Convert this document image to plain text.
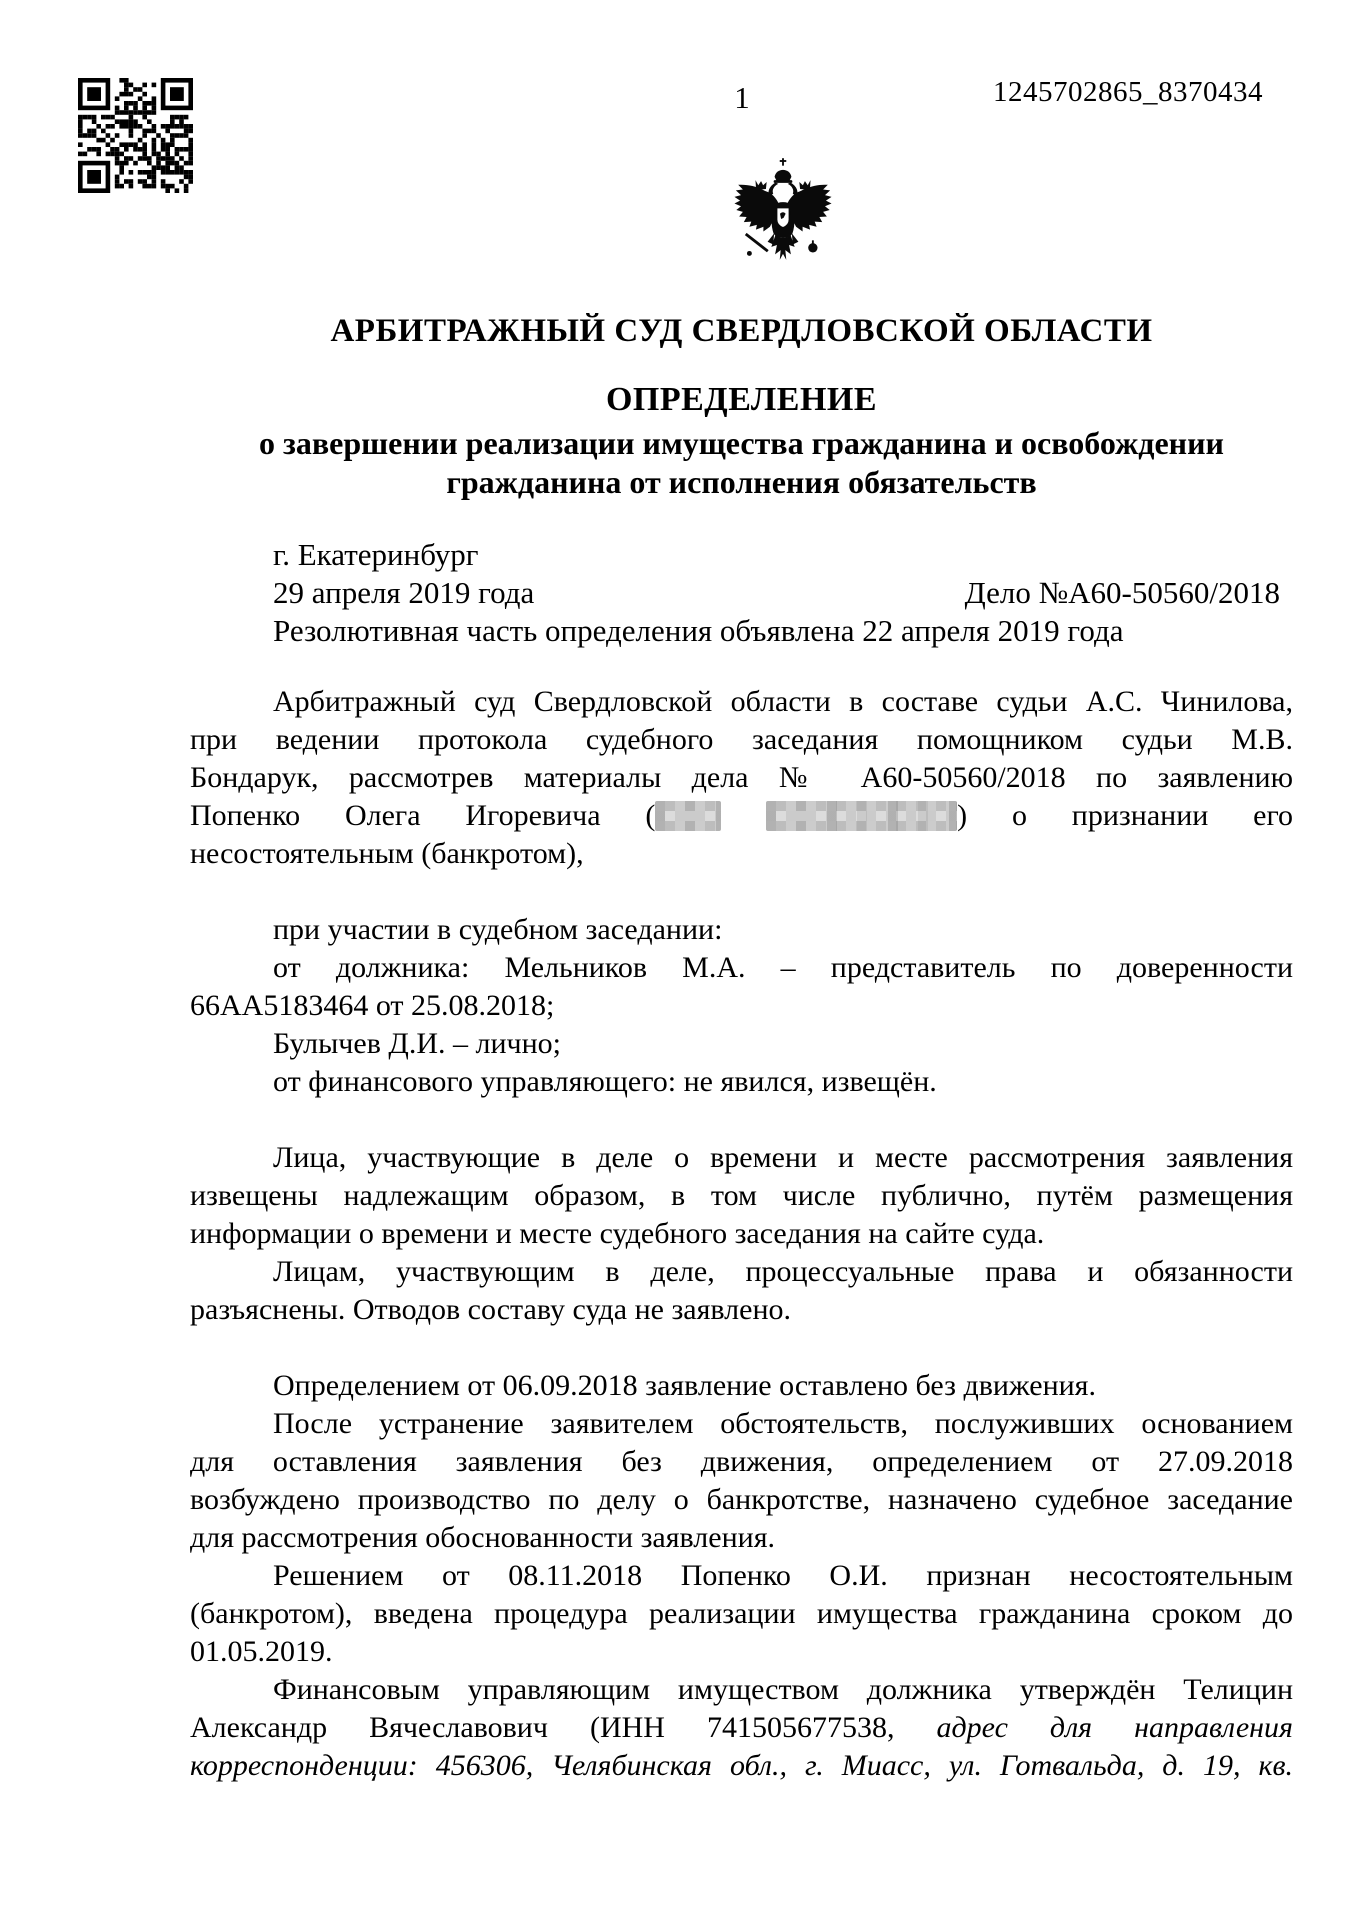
1	1245702865_8370434
АРБИТРАЖНЫЙ СУД СВЕРДЛОВСКОЙ ОБЛАСТИ
ОПРЕДЕЛЕНИЕ
о завершении реализации имущества гражданина и освобождении
гражданина от исполнения обязательств
г. Екатеринбург
29 апреля 2019 года	Дело №А60-50560/2018
Резолютивная часть определения объявлена 22 апреля 2019 года
Арбитражный суд Свердловской области в составе судьи А.С. Чинилова,
при ведении протокола судебного заседания помощником судьи М.В.
Бондарук, рассмотрев материалы дела № А60-50560/2018 по заявлению
Попенко Олега Игоревича (	) о признании его
несостоятельным (банкротом),
при участии в судебном заседании:
от должника: Мельников М.А. – представитель по доверенности
66АА5183464 от 25.08.2018;
Булычев Д.И. – лично;
от финансового управляющего: не явился, извещён.
Лица, участвующие в деле о времени и месте рассмотрения заявления
извещены надлежащим образом, в том числе публично, путём размещения
информации о времени и месте судебного заседания на сайте суда.
Лицам, участвующим в деле, процессуальные права и обязанности
разъяснены. Отводов составу суда не заявлено.
Определением от 06.09.2018 заявление оставлено без движения.
После устранение заявителем обстоятельств, послуживших основанием
для оставления заявления без движения, определением от 27.09.2018
возбуждено производство по делу о банкротстве, назначено судебное заседание
для рассмотрения обоснованности заявления.
Решением от 08.11.2018 Попенко О.И. признан несостоятельным
(банкротом), введена процедура реализации имущества гражданина сроком до
01.05.2019.
Финансовым управляющим имуществом должника утверждён Телицин
Александр Вячеславович (ИНН 741505677538, адрес для направления
корреспонденции: 456306, Челябинская обл., г. Миасс, ул. Готвальда, д. 19, кв.
